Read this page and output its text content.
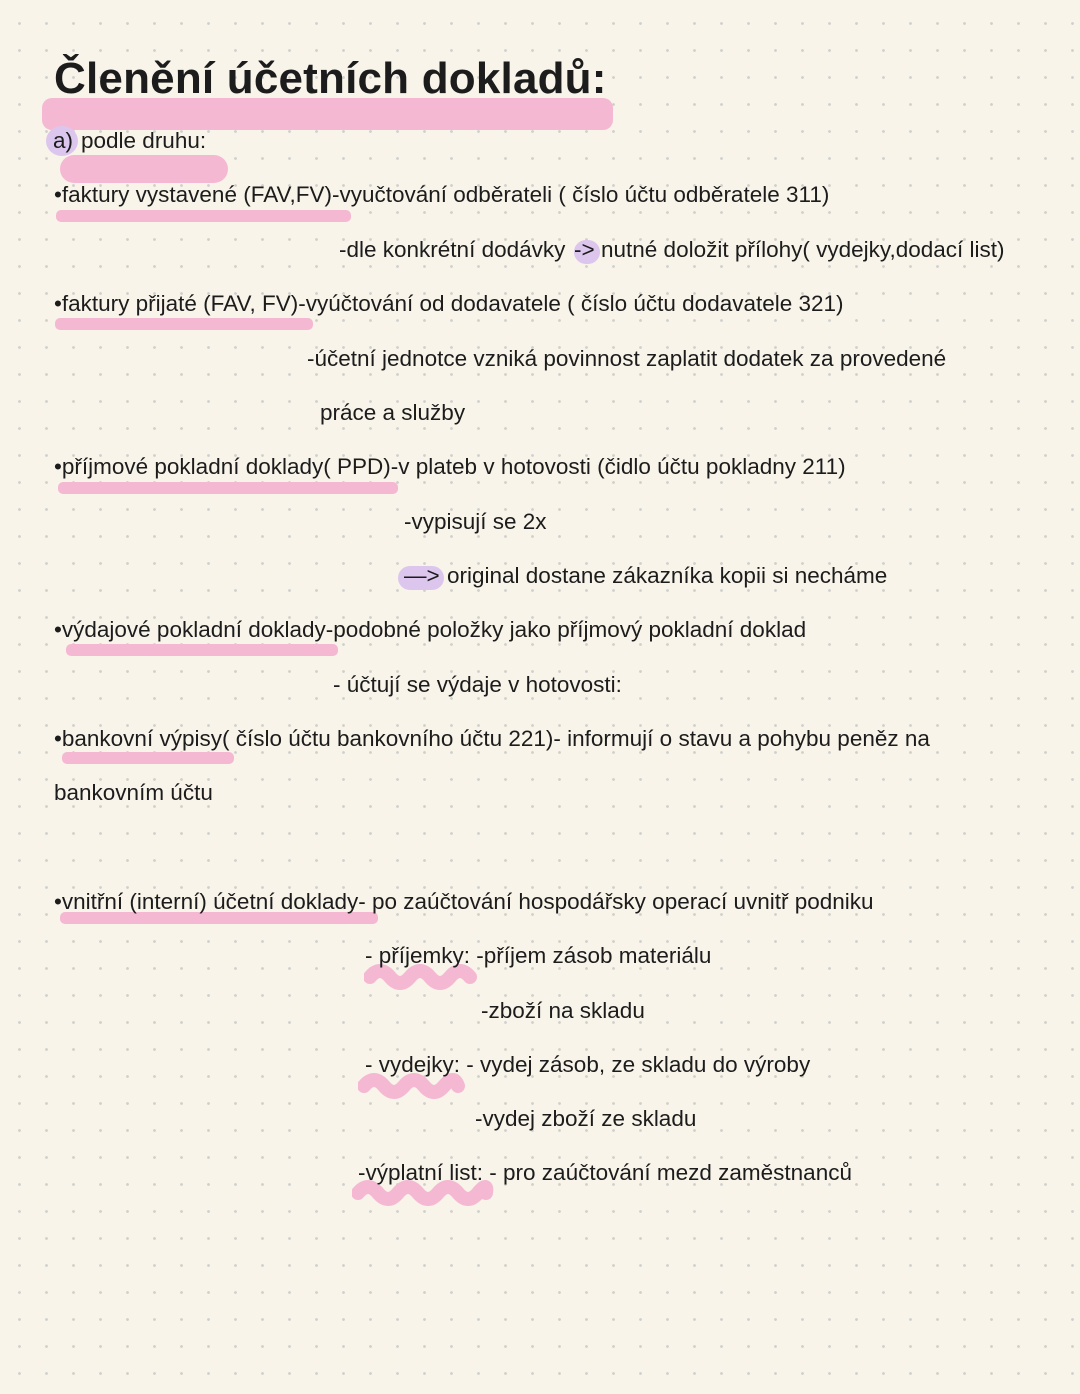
Členění účetních dokladů:
a) podle druhu:
•faktury vystavené (FAV,FV)-vyučtování odběrateli ( číslo účtu odběratele 311)
-dle konkrétní dodávky -> nutné doložit přílohy( vydejky,dodací list)
•faktury přijaté (FAV, FV)-vyúčtování od dodavatele ( číslo účtu dodavatele 321)
-účetní jednotce vzniká povinnost zaplatit dodatek za provedené
práce a služby
•příjmové pokladní doklady( PPD)-v plateb v hotovosti (čidlo účtu pokladny 211)
-vypisují se 2x
—> original dostane zákazníka kopii si necháme
•výdajové pokladní doklady-podobné položky jako příjmový pokladní doklad
- účtují se výdaje v hotovosti:
•bankovní výpisy( číslo účtu bankovního účtu 221)- informují o stavu a pohybu peněz na
bankovním účtu
•vnitřní (interní) účetní doklady- po zaúčtování hospodářsky operací uvnitř podniku
- příjemky: -příjem zásob materiálu
-zboží na skladu
- vydejky: - vydej zásob, ze skladu do výroby
-vydej zboží ze skladu
-výplatní list: - pro zaúčtování mezd zaměstnanců
